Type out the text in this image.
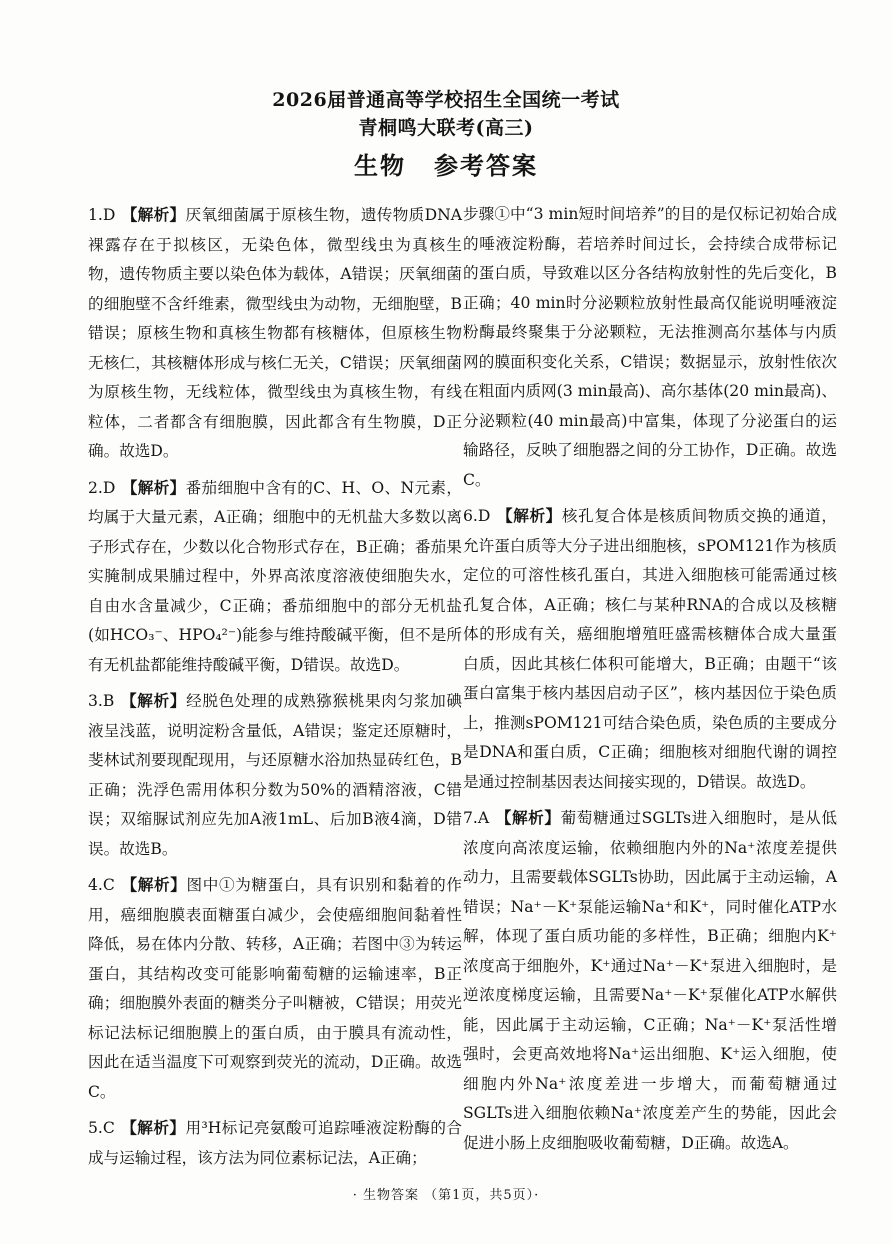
2026届普通高等学校招生全国统一考试
青桐鸣大联考(高三)
生物 参考答案
1.D 【解析】厌氧细菌属于原核生物，遗传物质DNA裸露存在于拟核区，无染色体，微型线虫为真核生物，遗传物质主要以染色体为载体，A错误；厌氧细菌的细胞壁不含纤维素，微型线虫为动物，无细胞壁，B错误；原核生物和真核生物都有核糖体，但原核生物无核仁，其核糖体形成与核仁无关，C错误；厌氧细菌为原核生物，无线粒体，微型线虫为真核生物，有线粒体，二者都含有细胞膜，因此都含有生物膜，D正确。故选D。
2.D 【解析】番茄细胞中含有的C、H、O、N元素，均属于大量元素，A正确；细胞中的无机盐大多数以离子形式存在，少数以化合物形式存在，B正确；番茄果实腌制成果脯过程中，外界高浓度溶液使细胞失水，自由水含量减少，C正确；番茄细胞中的部分无机盐(如HCO₃⁻、HPO₄²⁻)能参与维持酸碱平衡，但不是所有无机盐都能维持酸碱平衡，D错误。故选D。
3.B 【解析】经脱色处理的成熟猕猴桃果肉匀浆加碘液呈浅蓝，说明淀粉含量低，A错误；鉴定还原糖时，斐林试剂要现配现用，与还原糖水浴加热显砖红色，B正确；洗浮色需用体积分数为50%的酒精溶液，C错误；双缩脲试剂应先加A液1mL、后加B液4滴，D错误。故选B。
4.C 【解析】图中①为糖蛋白，具有识别和黏着的作用，癌细胞膜表面糖蛋白减少，会使癌细胞间黏着性降低，易在体内分散、转移，A正确；若图中③为转运蛋白，其结构改变可能影响葡萄糖的运输速率，B正确；细胞膜外表面的糖类分子叫糖被，C错误；用荧光标记法标记细胞膜上的蛋白质，由于膜具有流动性，因此在适当温度下可观察到荧光的流动，D正确。故选C。
5.C 【解析】用³H标记亮氨酸可追踪唾液淀粉酶的合成与运输过程，该方法为同位素标记法，A正确；
步骤①中“3 min短时间培养”的目的是仅标记初始合成的唾液淀粉酶，若培养时间过长，会持续合成带标记的蛋白质，导致难以区分各结构放射性的先后变化，B正确；40 min时分泌颗粒放射性最高仅能说明唾液淀粉酶最终聚集于分泌颗粒，无法推测高尔基体与内质网的膜面积变化关系，C错误；数据显示，放射性依次在粗面内质网(3 min最高)、高尔基体(20 min最高)、分泌颗粒(40 min最高)中富集，体现了分泌蛋白的运输路径，反映了细胞器之间的分工协作，D正确。故选C。
6.D 【解析】核孔复合体是核质间物质交换的通道，允许蛋白质等大分子进出细胞核，sPOM121作为核质定位的可溶性核孔蛋白，其进入细胞核可能需通过核孔复合体，A正确；核仁与某种RNA的合成以及核糖体的形成有关，癌细胞增殖旺盛需核糖体合成大量蛋白质，因此其核仁体积可能增大，B正确；由题干“该蛋白富集于核内基因启动子区”，核内基因位于染色质上，推测sPOM121可结合染色质，染色质的主要成分是DNA和蛋白质，C正确；细胞核对细胞代谢的调控是通过控制基因表达间接实现的，D错误。故选D。
7.A 【解析】葡萄糖通过SGLTs进入细胞时，是从低浓度向高浓度运输，依赖细胞内外的Na⁺浓度差提供动力，且需要载体SGLTs协助，因此属于主动运输，A错误；Na⁺－K⁺泵能运输Na⁺和K⁺，同时催化ATP水解，体现了蛋白质功能的多样性，B正确；细胞内K⁺浓度高于细胞外，K⁺通过Na⁺－K⁺泵进入细胞时，是逆浓度梯度运输，且需要Na⁺－K⁺泵催化ATP水解供能，因此属于主动运输，C正确；Na⁺－K⁺泵活性增强时，会更高效地将Na⁺运出细胞、K⁺运入细胞，使细胞内外Na⁺浓度差进一步增大，而葡萄糖通过SGLTs进入细胞依赖Na⁺浓度差产生的势能，因此会促进小肠上皮细胞吸收葡萄糖，D正确。故选A。
· 生物答案 （第1页，共5页）·
